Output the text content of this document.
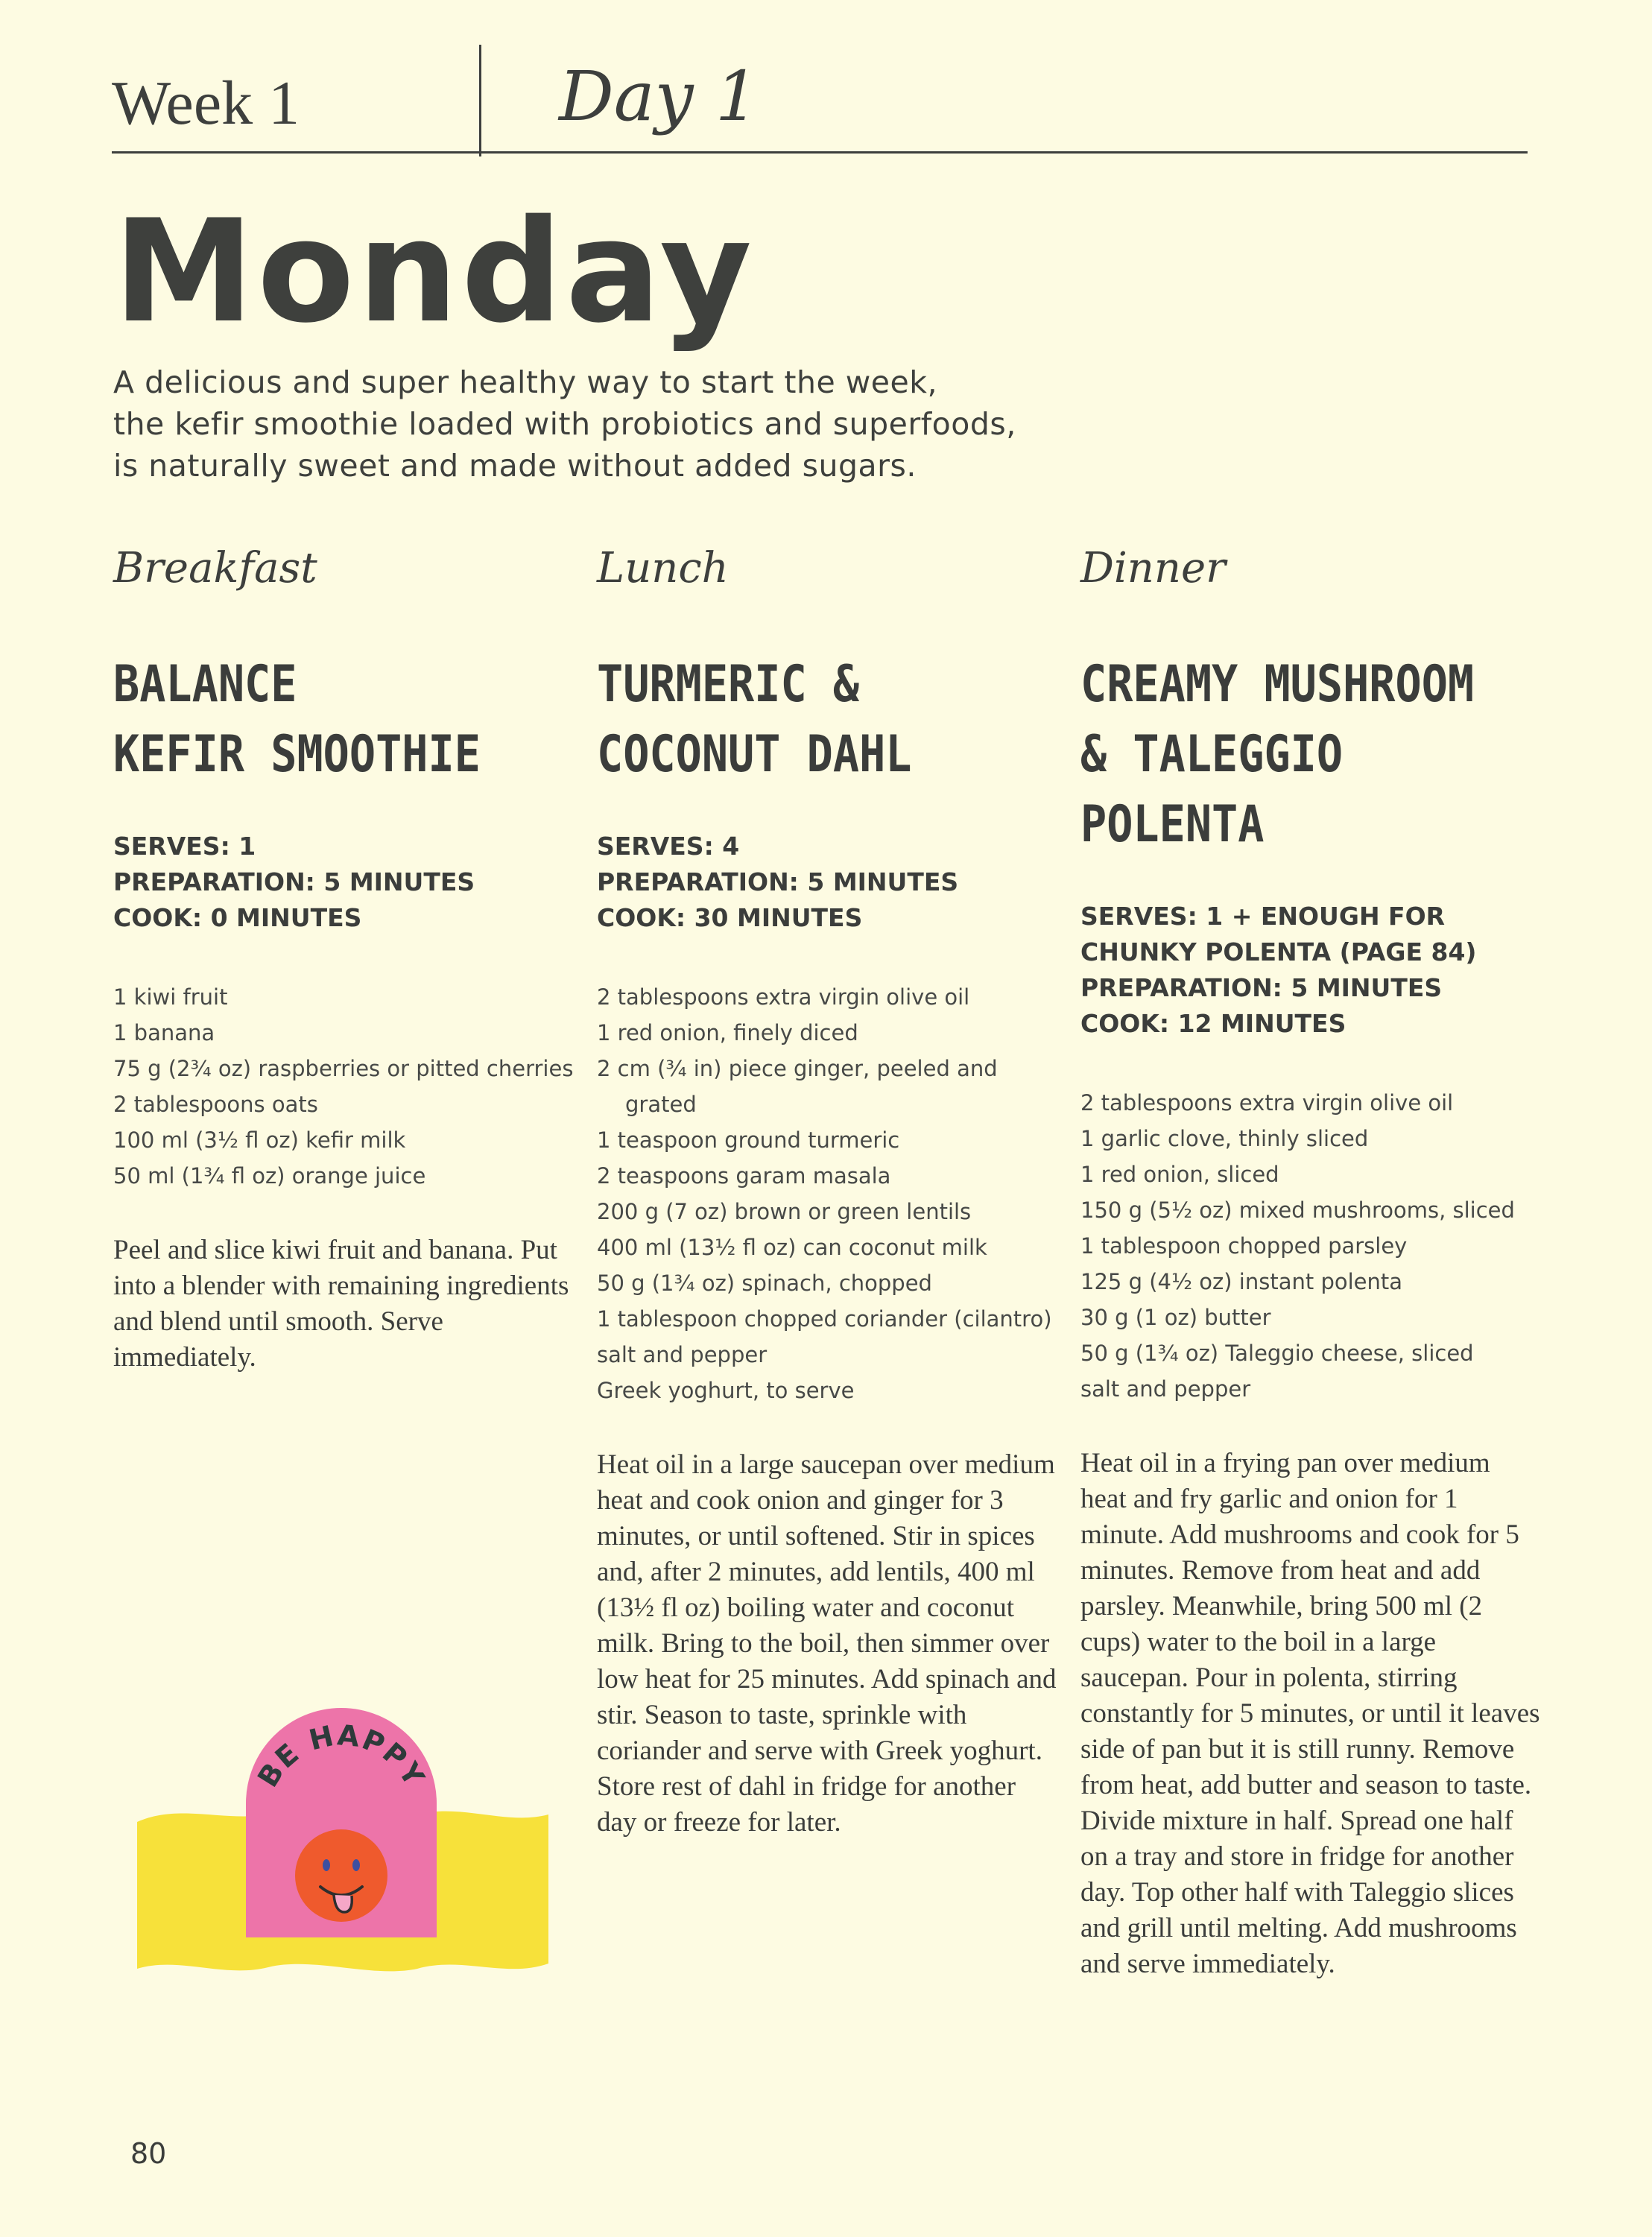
Week 1	Day 1
Monday
A delicious and super healthy way to start the week,
the kefir smoothie loaded with probiotics and superfoods,
is naturally sweet and made without added sugars.
Breakfast
BALANCE
KEFIR SMOOTHIE
SERVES: 1
PREPARATION: 5 MINUTES
COOK: 0 MINUTES
1 kiwi fruit
1 banana
75 g (2¾ oz) raspberries or pitted cherries
2 tablespoons oats
100 ml (3½ fl oz) kefir milk
50 ml (1¾ fl oz) orange juice
Peel and slice kiwi fruit and banana. Put into a blender with remaining ingredients and blend until smooth. Serve immediately.
Lunch
TURMERIC &
COCONUT DAHL
SERVES: 4
PREPARATION: 5 MINUTES
COOK: 30 MINUTES
2 tablespoons extra virgin olive oil
1 red onion, finely diced
2 cm (¾ in) piece ginger, peeled and grated
1 teaspoon ground turmeric
2 teaspoons garam masala
200 g (7 oz) brown or green lentils
400 ml (13½ fl oz) can coconut milk
50 g (1¾ oz) spinach, chopped
1 tablespoon chopped coriander (cilantro)
salt and pepper
Greek yoghurt, to serve
Heat oil in a large saucepan over medium heat and cook onion and ginger for 3 minutes, or until softened. Stir in spices and, after 2 minutes, add lentils, 400 ml (13½ fl oz) boiling water and coconut milk. Bring to the boil, then simmer over low heat for 25 minutes. Add spinach and stir. Season to taste, sprinkle with coriander and serve with Greek yoghurt. Store rest of dahl in fridge for another day or freeze for later.
Dinner
CREAMY MUSHROOM
& TALEGGIO POLENTA
SERVES: 1 + ENOUGH FOR
CHUNKY POLENTA (PAGE 84)
PREPARATION: 5 MINUTES
COOK: 12 MINUTES
2 tablespoons extra virgin olive oil
1 garlic clove, thinly sliced
1 red onion, sliced
150 g (5½ oz) mixed mushrooms, sliced
1 tablespoon chopped parsley
125 g (4½ oz) instant polenta
30 g (1 oz) butter
50 g (1¾ oz) Taleggio cheese, sliced
salt and pepper
Heat oil in a frying pan over medium heat and fry garlic and onion for 1 minute. Add mushrooms and cook for 5 minutes. Remove from heat and add parsley. Meanwhile, bring 500 ml (2 cups) water to the boil in a large saucepan. Pour in polenta, stirring constantly for 5 minutes, or until it leaves side of pan but it is still runny. Remove from heat, add butter and season to taste. Divide mixture in half. Spread one half on a tray and store in fridge for another day. Top other half with Taleggio slices and grill until melting. Add mushrooms and serve immediately.
BE HAPPY
80
